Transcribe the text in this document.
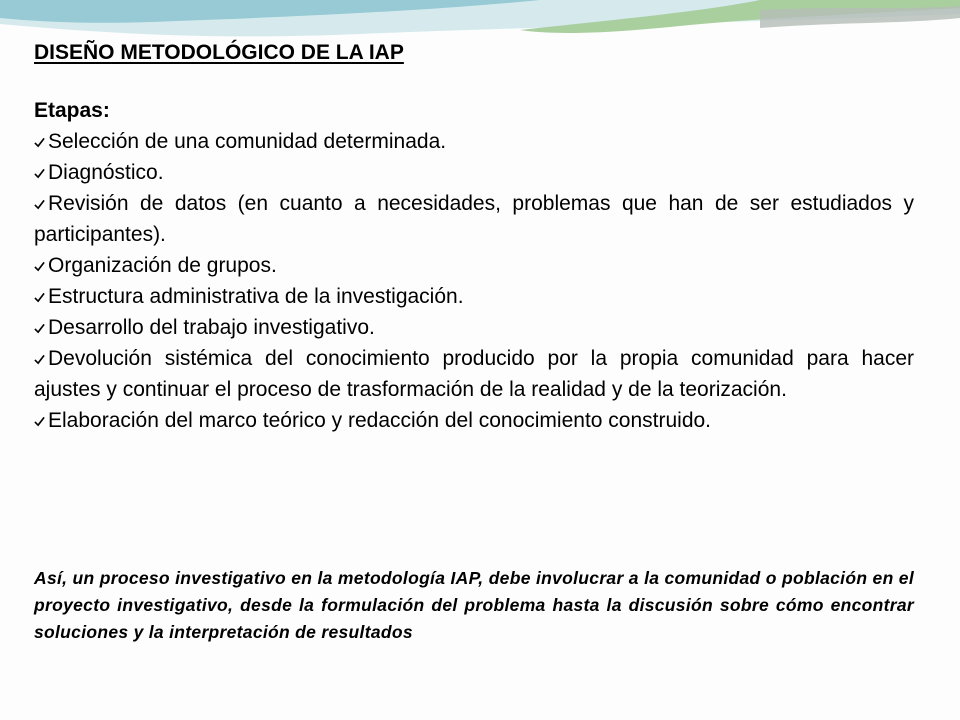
DISEÑO METODOLÓGICO DE LA IAP
Etapas:
Selección de una comunidad determinada.
Diagnóstico.
Revisión de datos (en cuanto a necesidades, problemas que han de ser estudiados y participantes).
Organización de grupos.
Estructura administrativa de la investigación.
Desarrollo del trabajo investigativo.
Devolución sistémica del conocimiento producido por la propia comunidad para hacer ajustes y continuar el proceso de trasformación de la realidad y de la teorización.
Elaboración del marco teórico y redacción del conocimiento construido.

Así, un proceso investigativo en la metodología IAP, debe involucrar a la comunidad o población en el proyecto investigativo, desde la formulación del problema hasta la discusión sobre cómo encontrar soluciones y la interpretación de resultados
